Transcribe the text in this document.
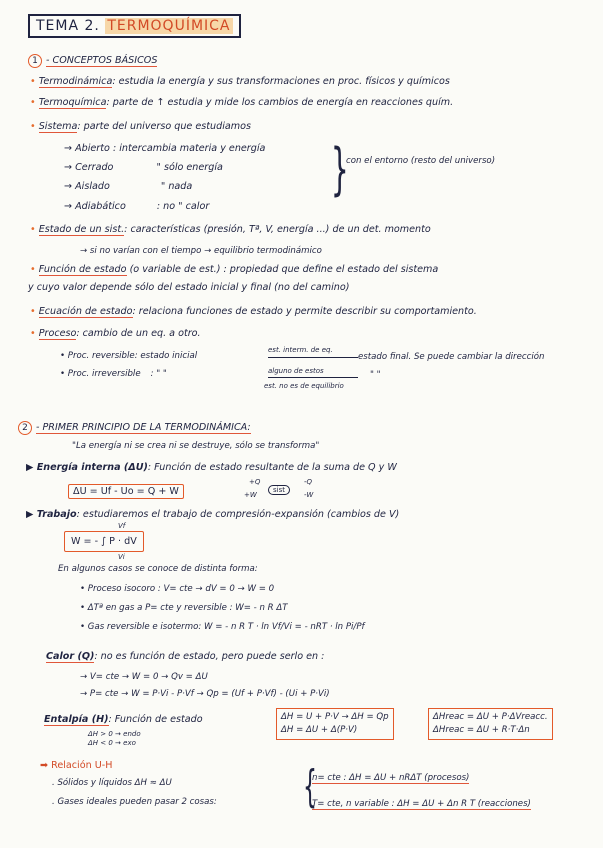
TEMA 2. TERMOQUÍMICA
1 - CONCEPTOS BÁSICOS
• Termodinámica: estudia la energía y sus transformaciones en proc. físicos y químicos
• Termoquímica: parte de ↑ estudia y mide los cambios de energía en reacciones quím.
• Sistema: parte del universo que estudiamos
→ Abierto : intercambia materia y energía
→ Cerrado	" sólo energía
→ Aislado	" nada
→ Adiabático	: no " calor
}
con el entorno (resto del universo)
• Estado de un sist.: características (presión, Tª, V, energía ...) de un det. momento
→ si no varían con el tiempo → equilibrio termodinámico
• Función de estado (o variable de est.) : propiedad que define el estado del sistema
y cuyo valor depende sólo del estado inicial y final (no del camino)
• Ecuación de estado: relaciona funciones de estado y permite describir su comportamiento.
• Proceso: cambio de un eq. a otro.
• Proc. reversible: estado inicial
est. interm. de eq.
estado final. Se puede cambiar la dirección
• Proc. irreversible : " "	alguno de estos	" "
est. no es de equilibrio
2 - PRIMER PRINCIPIO DE LA TERMODINÁMICA:
"La energía ni se crea ni se destruye, sólo se transforma"
▶ Energía interna (ΔU): Función de estado resultante de la suma de Q y W
ΔU = Uf - Uo = Q + W
+Q
+W
sist
-Q
-W
▶ Trabajo: estudiaremos el trabajo de compresión-expansión (cambios de V)
W = - ∫ P · dV
Vf
Vi
En algunos casos se conoce de distinta forma:
• Proceso isocoro : V= cte → dV = 0 → W = 0
• ΔTª en gas a P= cte y reversible : W= - n R ΔT
• Gas reversible e isotermo: W = - n R T · ln Vf/Vi = - nRT · ln Pi/Pf
Calor (Q): no es función de estado, pero puede serlo en :
→ V= cte → W = 0 → Qv = ΔU
→ P= cte → W = P·Vi - P·Vf → Qp = (Uf + P·Vf) - (Ui + P·Vi)
Entalpía (H): Función de estado
ΔH > 0 → endo
ΔH < 0 → exo
ΔH = U + P·V → ΔH = Qp
ΔH = ΔU + Δ(P·V)
ΔHreac = ΔU + P·ΔVreacc.
ΔHreac = ΔU + R·T·Δn
➡ Relación U-H
. Sólidos y líquidos ΔH ≈ ΔU
. Gases ideales pueden pasar 2 cosas: {
n= cte : ΔH = ΔU + nRΔT (procesos)
T= cte, n variable : ΔH = ΔU + Δn R T (reacciones)
